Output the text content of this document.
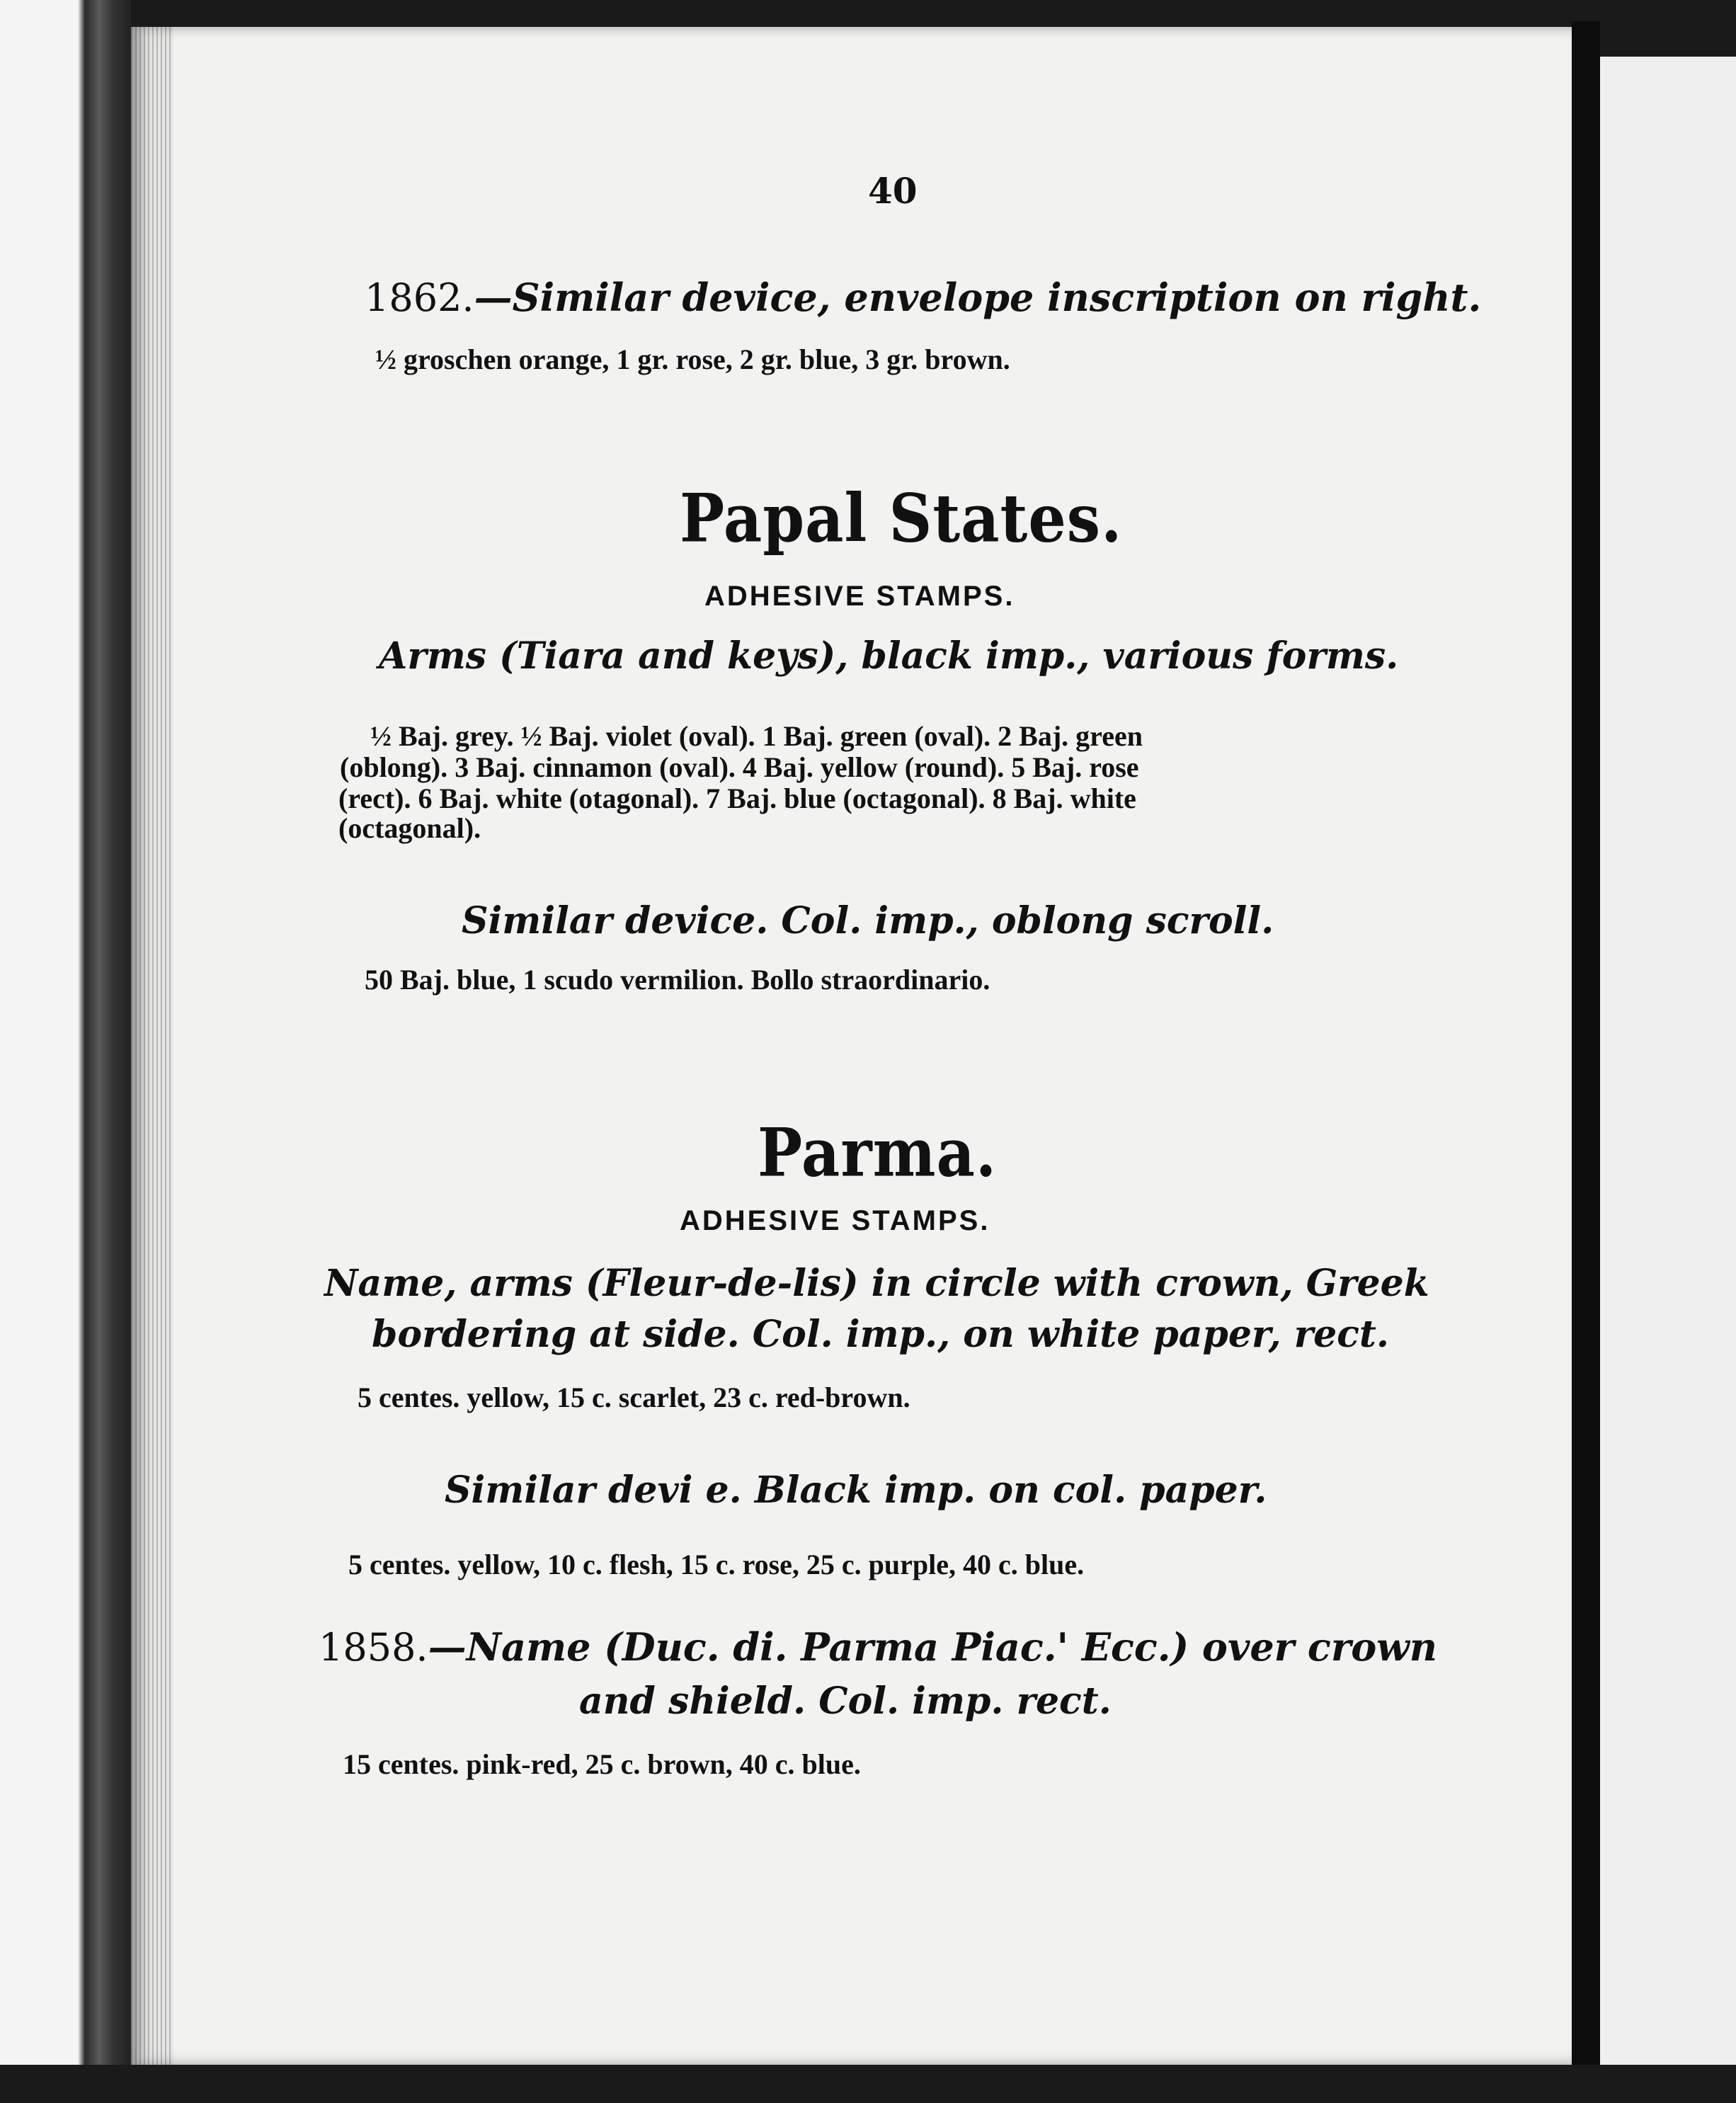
40
1862.—Similar device, envelope inscription on right.
½ groschen orange, 1 gr. rose, 2 gr. blue, 3 gr. brown.
Papal States.
ADHESIVE STAMPS.
Arms (Tiara and keys), black imp., various forms.
½ Baj. grey. ½ Baj. violet (oval). 1 Baj. green (oval). 2 Baj. green
(oblong). 3 Baj. cinnamon (oval). 4 Baj. yellow (round). 5 Baj. rose
(rect). 6 Baj. white (otagonal). 7 Baj. blue (octagonal). 8 Baj. white
(octagonal).
Similar device. Col. imp., oblong scroll.
50 Baj. blue, 1 scudo vermilion. Bollo straordinario.
Parma.
ADHESIVE STAMPS.
Name, arms (Fleur-de-lis) in circle with crown, Greek
bordering at side. Col. imp., on white paper, rect.
5 centes. yellow, 15 c. scarlet, 23 c. red-brown.
Similar devi e. Black imp. on col. paper.
5 centes. yellow, 10 c. flesh, 15 c. rose, 25 c. purple, 40 c. blue.
1858.—Name (Duc. di. Parma Piac.' Ecc.) over crown
and shield. Col. imp. rect.
15 centes. pink-red, 25 c. brown, 40 c. blue.
